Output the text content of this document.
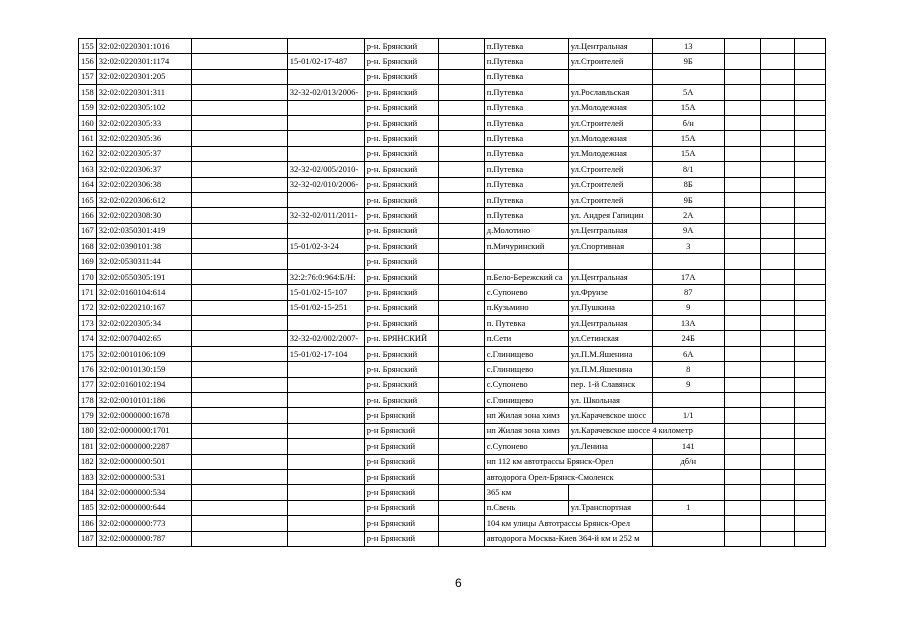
155	32:02:0220301:1016			р-н. Брянский		п.Путевка	ул.Центральная	13			
156	32:02:0220301:1174		15-01/02-17-487	р-н. Брянский		п.Путевка	ул.Строителей	9Б			
157	32:02:0220301:205			р-н. Брянский		п.Путевка					
158	32:02:0220301:311		32-32-02/013/2006-	р-н. Брянский		п.Путевка	ул.Рославльская	5А			
159	32:02:0220305:102			р-н. Брянский		п.Путевка	ул.Молодежная	15А			
160	32:02:0220305:33			р-н. Брянский		п.Путевка	ул.Строителей	б/н			
161	32:02:0220305:36			р-н. Брянский		п.Путевка	ул.Молодежная	15А			
162	32:02:0220305:37			р-н. Брянский		п.Путевка	ул.Молодежная	15А			
163	32:02:0220306:37		32-32-02/005/2010-	р-н. Брянский		п.Путевка	ул.Строителей	8/1			
164	32:02:0220306:38		32-32-02/010/2006-	р-н. Брянский		п.Путевка	ул.Строителей	8Б			
165	32:02:0220306:612			р-н. Брянский		п.Путевка	ул.Строителей	9Б			
166	32:02:0220308:30		32-32-02/011/2011-	р-н. Брянский		п.Путевка	ул. Андрея Гапицин	2А			
167	32:02:0350301:419			р-н. Брянский		д.Молотино	ул.Центральная	9А			
168	32:02:0390101:38		15-01/02-3-24	р-н. Брянский		п.Мичуринский	ул.Спортивная	3			
169	32:02:0530311:44			р-н. Брянский							
170	32:02:0550305:191		32:2:76:0:964:Б/Н:	р-н. Брянский		п.Бело-Бережский са	ул.Центральная	17А			
171	32:02:0160104:614		15-01/02-15-107	р-н. Брянский		с.Супонево	ул.Фрунзе	87			
172	32:02:0220210:167		15-01/02-15-251	р-н. Брянский		п.Кузьмино	ул.Пушкина	9			
173	32:02:0220305:34			р-н. Брянский		п. Путевка	ул.Центральная	13А			
174	32:02:0070402:65		32-32-02/002/2007-	р-н. БРЯНСКИЙ		п.Сети	ул.Сетинская	24Б			
175	32:02:0010106:109		15-01/02-17-104	р-н. Брянский		с.Глинищево	ул.П.М.Яшенина	6А			
176	32:02:0010130:159			р-н. Брянский		с.Глинищево	ул.П.М.Яшенина	8			
177	32:02:0160102:194			р-н. Брянский		с.Супонево	пер. 1-й Славянск	9			
178	32:02:0010101:186			р-н. Брянский		с.Глинищево	ул. Школьная				
179	32:02:0000000:1678			р-н Брянский		нп Жилая зона химз	ул.Карачевское шосс	1/1			
180	32:02:0000000:1701			р-н Брянский		нп Жилая зона химз	ул.Карачевское шоссе 4 километр				
181	32:02:0000000:2287			р-н Брянский		с.Супонево	ул.Ленина	141			
182	32:02:0000000:501			р-н Брянский		нп 112 км автотрассы Брянск-Орел		дб/н			
183	32:02:0000000:531			р-н Брянский		автодорога Орел-Брянск-Смоленск					
184	32:02:0000000:534			р-н Брянский		365 км					
185	32:02:0000000:644			р-н Брянский		п.Свень	ул.Транспортная	1			
186	32:02:0000000:773			р-н Брянский		104 км улицы Автотрассы Брянск-Орел					
187	32:02:0000000:787			р-н Брянский		автодорога Москва-Киев 364-й км и 252 м					
6
